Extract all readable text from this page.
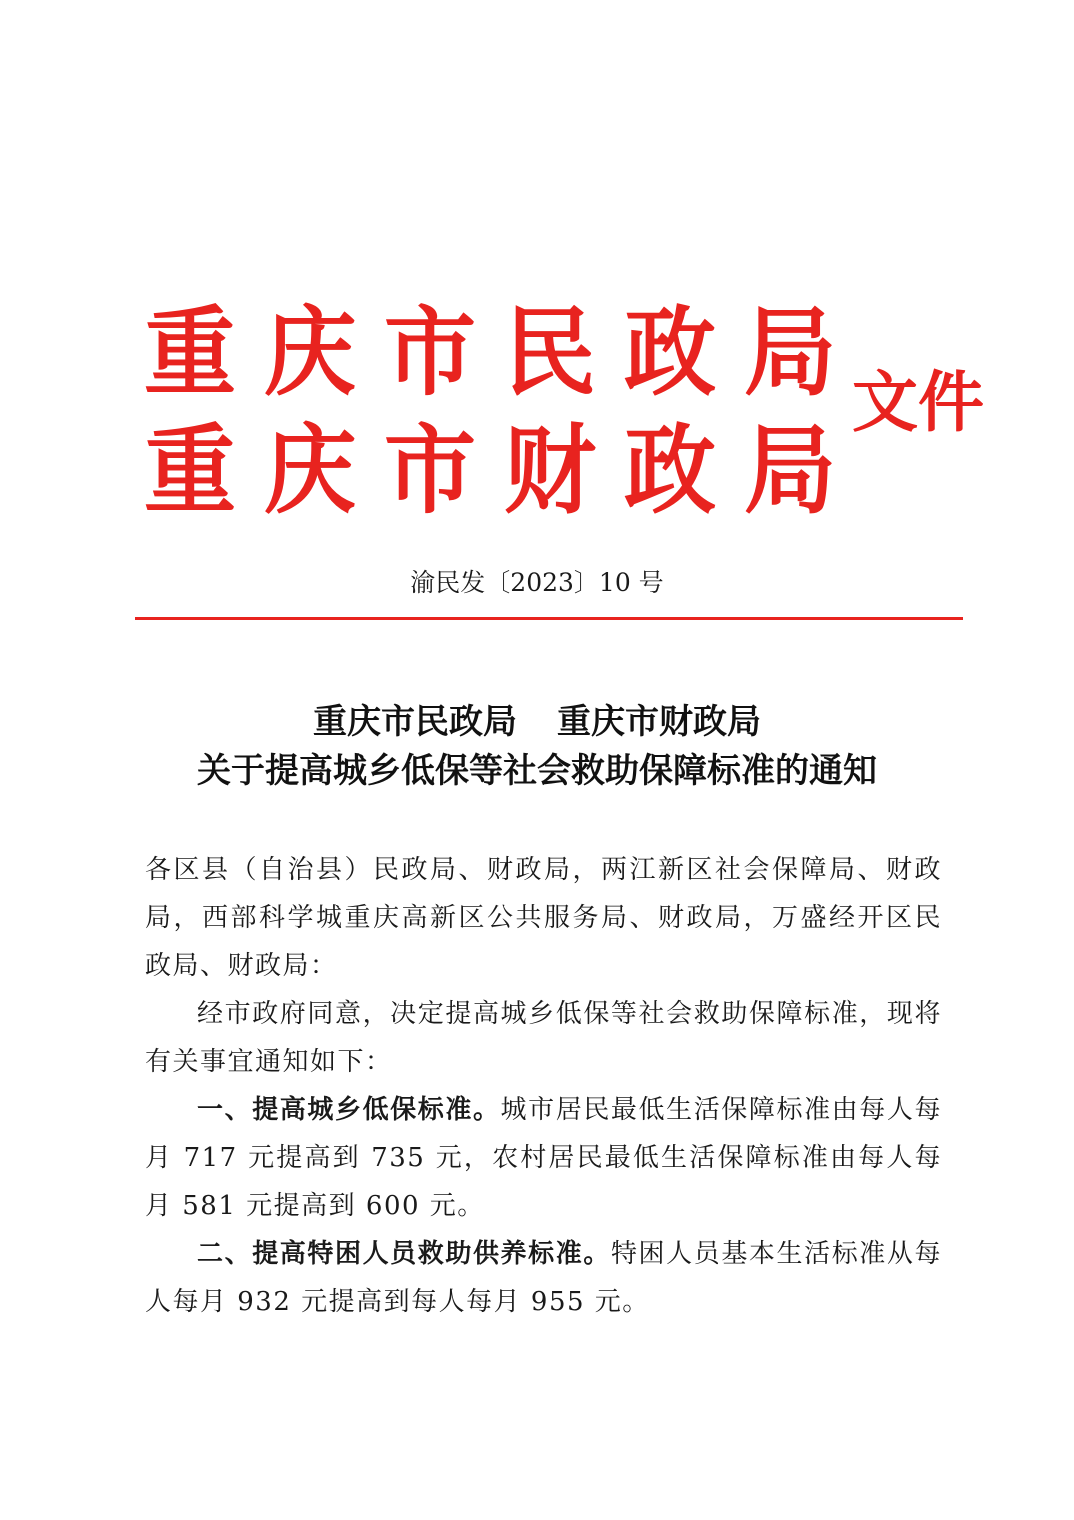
重 庆 市 民 政 局
重 庆 市 财 政 局
文件
渝民发〔2023〕10 号
重庆市民政局 重庆市财政局
关于提高城乡低保等社会救助保障标准的通知

各区县（自治县）民政局、财政局，两江新区社会保障局、财政局，西部科学城重庆高新区公共服务局、财政局，万盛经开区民政局、财政局：

经市政府同意，决定提高城乡低保等社会救助保障标准，现将有关事宜通知如下：

一、提高城乡低保标准。城市居民最低生活保障标准由每人每月 717 元提高到 735 元，农村居民最低生活保障标准由每人每月 581 元提高到 600 元。

二、提高特困人员救助供养标准。特困人员基本生活标准从每人每月 932 元提高到每人每月 955 元。
